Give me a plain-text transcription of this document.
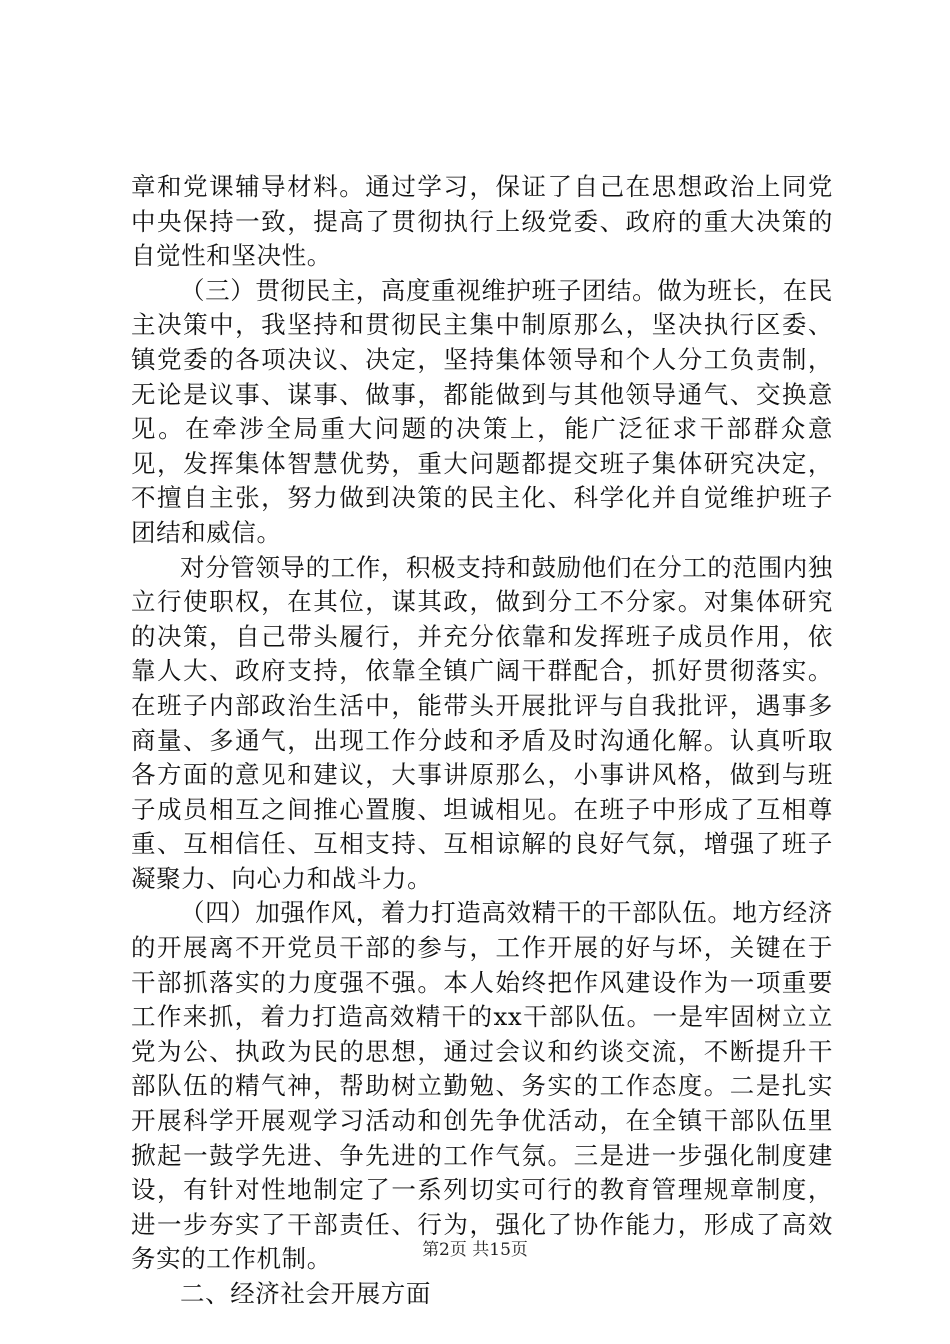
章和党课辅导材料。通过学习，保证了自己在思想政治上同党中央保持一致，提高了贯彻执行上级党委、政府的重大决策的自觉性和坚决性。

（三）贯彻民主，高度重视维护班子团结。做为班长，在民主决策中，我坚持和贯彻民主集中制原那么，坚决执行区委、镇党委的各项决议、决定，坚持集体领导和个人分工负责制，无论是议事、谋事、做事，都能做到与其他领导通气、交换意见。在牵涉全局重大问题的决策上，能广泛征求干部群众意见，发挥集体智慧优势，重大问题都提交班子集体研究决定，不擅自主张，努力做到决策的民主化、科学化并自觉维护班子团结和威信。

对分管领导的工作，积极支持和鼓励他们在分工的范围内独立行使职权，在其位，谋其政，做到分工不分家。对集体研究的决策，自己带头履行，并充分依靠和发挥班子成员作用，依靠人大、政府支持，依靠全镇广阔干群配合，抓好贯彻落实。在班子内部政治生活中，能带头开展批评与自我批评，遇事多商量、多通气，出现工作分歧和矛盾及时沟通化解。认真听取各方面的意见和建议，大事讲原那么，小事讲风格，做到与班子成员相互之间推心置腹、坦诚相见。在班子中形成了互相尊重、互相信任、互相支持、互相谅解的良好气氛，增强了班子凝聚力、向心力和战斗力。

（四）加强作风，着力打造高效精干的干部队伍。地方经济的开展离不开党员干部的参与，工作开展的好与坏，关键在于干部抓落实的力度强不强。本人始终把作风建设作为一项重要工作来抓，着力打造高效精干的xx干部队伍。一是牢固树立立党为公、执政为民的思想，通过会议和约谈交流，不断提升干部队伍的精气神，帮助树立勤勉、务实的工作态度。二是扎实开展科学开展观学习活动和创先争优活动，在全镇干部队伍里掀起一鼓学先进、争先进的工作气氛。三是进一步强化制度建设，有针对性地制定了一系列切实可行的教育管理规章制度，进一步夯实了干部责任、行为，强化了协作能力，形成了高效务实的工作机制。

二、经济社会开展方面

第2页 共15页
